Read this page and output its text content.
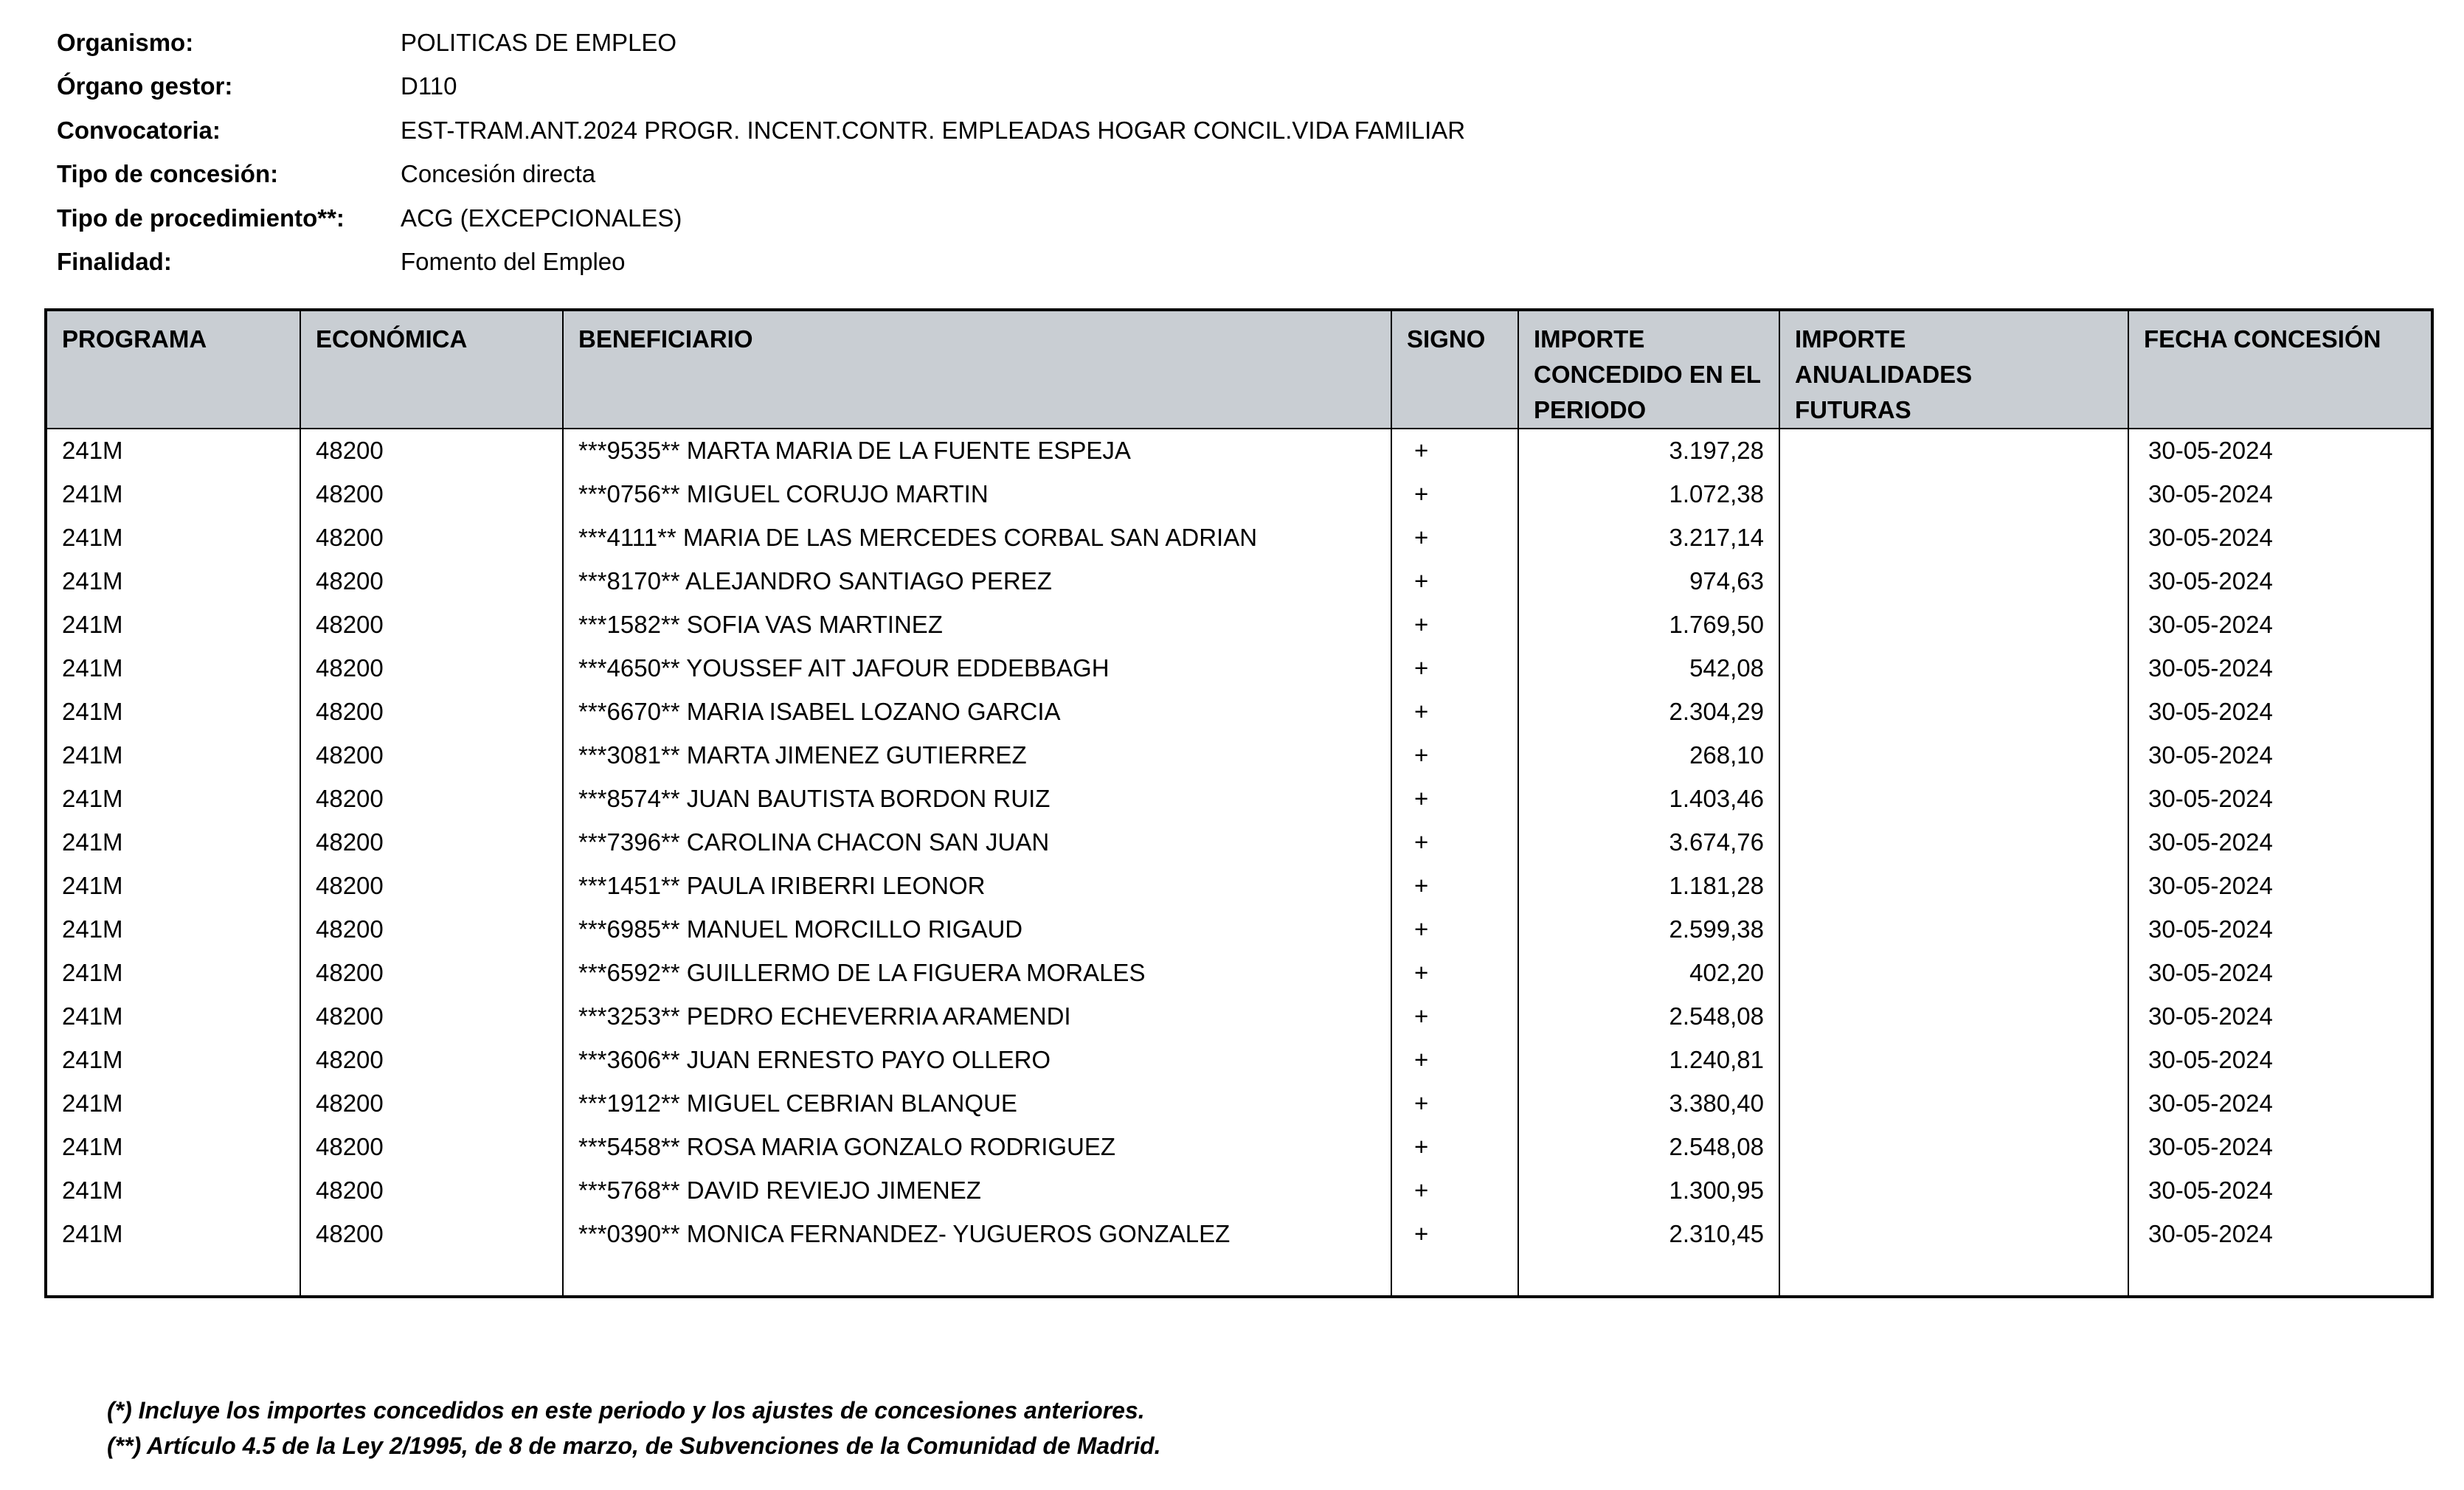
Organismo:	POLITICAS DE EMPLEO
Órgano gestor:	D110
Convocatoria:	EST-TRAM.ANT.2024 PROGR. INCENT.CONTR. EMPLEADAS HOGAR CONCIL.VIDA FAMILIAR
Tipo de concesión:	Concesión directa
Tipo de procedimiento**:	ACG (EXCEPCIONALES)
Finalidad:	Fomento del Empleo
PROGRAMA	ECONÓMICA	BENEFICIARIO	SIGNO	IMPORTE CONCEDIDO EN EL PERIODO	IMPORTE ANUALIDADES FUTURAS	FECHA CONCESIÓN
241M	48200	***9535** MARTA MARIA DE LA FUENTE ESPEJA	+	3.197,28		30-05-2024
241M	48200	***0756** MIGUEL CORUJO MARTIN	+	1.072,38		30-05-2024
241M	48200	***4111** MARIA DE LAS MERCEDES CORBAL SAN ADRIAN	+	3.217,14		30-05-2024
241M	48200	***8170** ALEJANDRO SANTIAGO PEREZ	+	974,63		30-05-2024
241M	48200	***1582** SOFIA VAS MARTINEZ	+	1.769,50		30-05-2024
241M	48200	***4650** YOUSSEF AIT JAFOUR EDDEBBAGH	+	542,08		30-05-2024
241M	48200	***6670** MARIA ISABEL LOZANO GARCIA	+	2.304,29		30-05-2024
241M	48200	***3081** MARTA JIMENEZ GUTIERREZ	+	268,10		30-05-2024
241M	48200	***8574** JUAN BAUTISTA BORDON RUIZ	+	1.403,46		30-05-2024
241M	48200	***7396** CAROLINA CHACON SAN JUAN	+	3.674,76		30-05-2024
241M	48200	***1451** PAULA IRIBERRI LEONOR	+	1.181,28		30-05-2024
241M	48200	***6985** MANUEL MORCILLO RIGAUD	+	2.599,38		30-05-2024
241M	48200	***6592** GUILLERMO DE LA FIGUERA MORALES	+	402,20		30-05-2024
241M	48200	***3253** PEDRO ECHEVERRIA ARAMENDI	+	2.548,08		30-05-2024
241M	48200	***3606** JUAN ERNESTO PAYO OLLERO	+	1.240,81		30-05-2024
241M	48200	***1912** MIGUEL CEBRIAN BLANQUE	+	3.380,40		30-05-2024
241M	48200	***5458** ROSA MARIA GONZALO RODRIGUEZ	+	2.548,08		30-05-2024
241M	48200	***5768** DAVID REVIEJO JIMENEZ	+	1.300,95		30-05-2024
241M	48200	***0390** MONICA FERNANDEZ- YUGUEROS GONZALEZ	+	2.310,45		30-05-2024

(*) Incluye los importes concedidos en este periodo y los ajustes de concesiones anteriores.
(**) Artículo 4.5 de la Ley 2/1995, de 8 de marzo, de Subvenciones de la Comunidad de Madrid.
